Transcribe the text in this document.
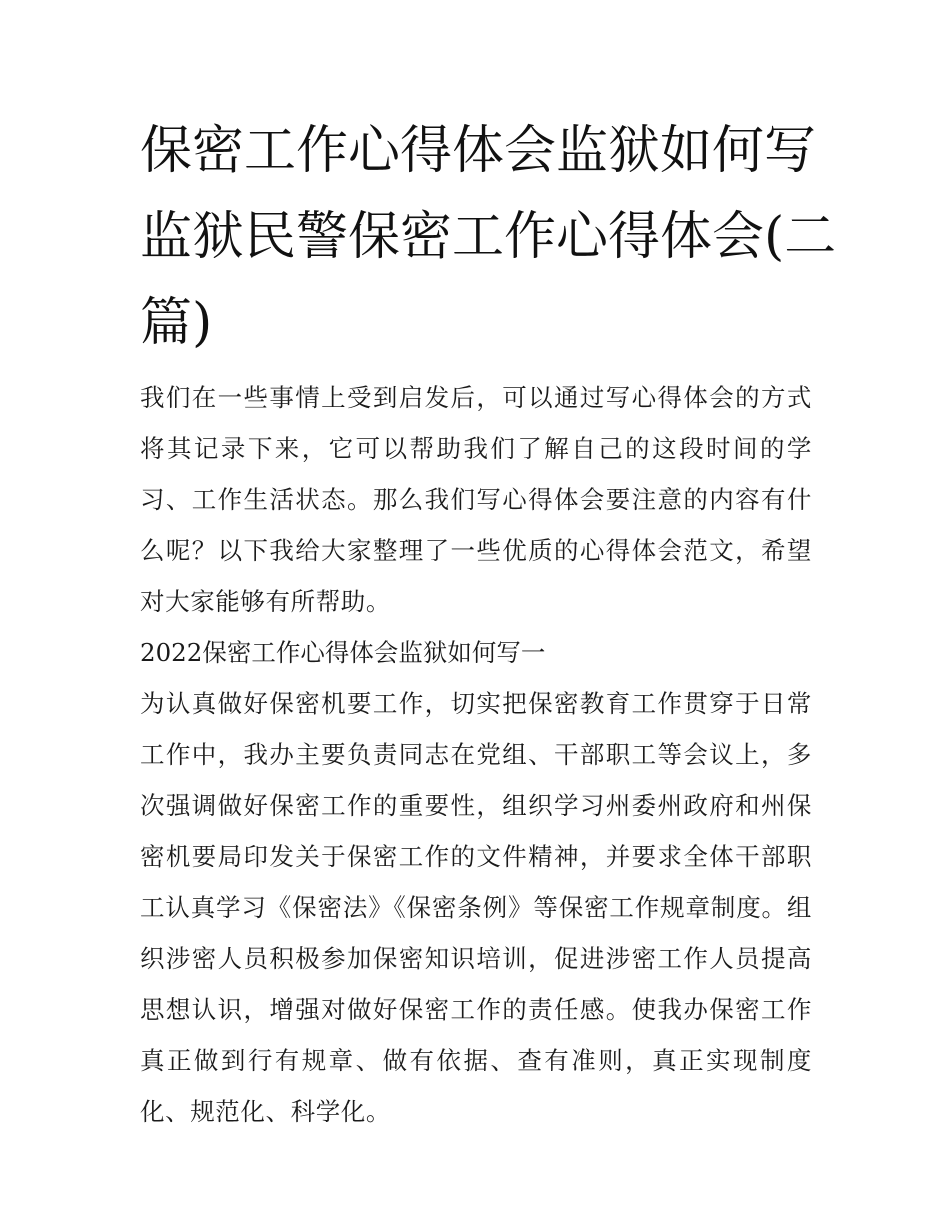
保密工作心得体会监狱如何写
监狱民警保密工作心得体会(二
篇)

我们在一些事情上受到启发后，可以通过写心得体会的方式将其记录下来，它可以帮助我们了解自己的这段时间的学习、工作生活状态。那么我们写心得体会要注意的内容有什么呢？以下我给大家整理了一些优质的心得体会范文，希望对大家能够有所帮助。

2022保密工作心得体会监狱如何写一

为认真做好保密机要工作，切实把保密教育工作贯穿于日常工作中，我办主要负责同志在党组、干部职工等会议上，多次强调做好保密工作的重要性，组织学习州委州政府和州保密机要局印发关于保密工作的文件精神，并要求全体干部职工认真学习《保密法》《保密条例》等保密工作规章制度。组织涉密人员积极参加保密知识培训，促进涉密工作人员提高思想认识，增强对做好保密工作的责任感。使我办保密工作真正做到行有规章、做有依据、查有准则，真正实现制度化、规范化、科学化。
